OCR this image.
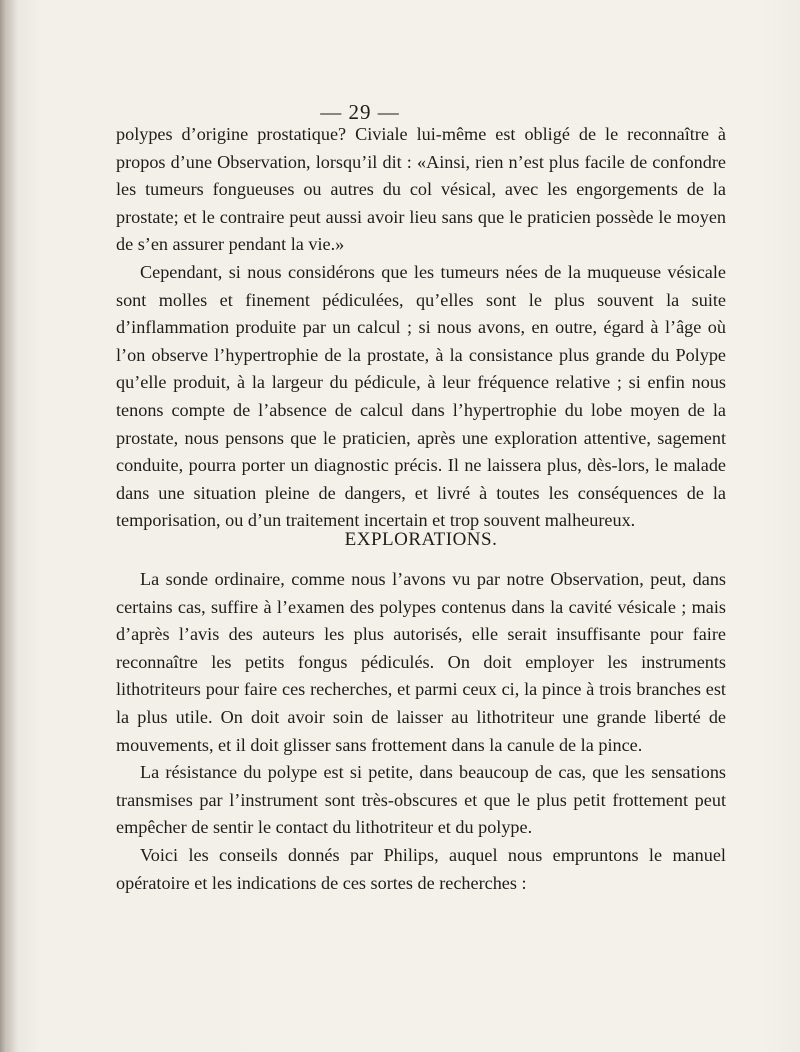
— 29 —

polypes d’origine prostatique? Civiale lui-même est obligé de le reconnaître à propos d’une Observation, lorsqu’il dit : «Ainsi, rien n’est plus facile de confondre les tumeurs fongueuses ou autres du col vésical, avec les engorgements de la prostate; et le contraire peut aussi avoir lieu sans que le praticien possède le moyen de s’en assurer pendant la vie.»

Cependant, si nous considérons que les tumeurs nées de la muqueuse vésicale sont molles et finement pédiculées, qu’elles sont le plus souvent la suite d’inflammation produite par un calcul ; si nous avons, en outre, égard à l’âge où l’on observe l’hypertrophie de la prostate, à la consistance plus grande du Polype qu’elle produit, à la largeur du pédicule, à leur fréquence relative ; si enfin nous tenons compte de l’absence de calcul dans l’hypertrophie du lobe moyen de la prostate, nous pensons que le praticien, après une exploration attentive, sagement conduite, pourra porter un diagnostic précis. Il ne laissera plus, dès-lors, le malade dans une situation pleine de dangers, et livré à toutes les conséquences de la temporisation, ou d’un traitement incertain et trop souvent malheureux.

EXPLORATIONS.

La sonde ordinaire, comme nous l’avons vu par notre Observation, peut, dans certains cas, suffire à l’examen des polypes contenus dans la cavité vésicale ; mais d’après l’avis des auteurs les plus autorisés, elle serait insuffisante pour faire reconnaître les petits fongus pédiculés. On doit employer les instruments lithotriteurs pour faire ces recherches, et parmi ceux ci, la pince à trois branches est la plus utile. On doit avoir soin de laisser au lithotriteur une grande liberté de mouvements, et il doit glisser sans frottement dans la canule de la pince.

La résistance du polype est si petite, dans beaucoup de cas, que les sensations transmises par l’instrument sont très-obscures et que le plus petit frottement peut empêcher de sentir le contact du lithotriteur et du polype.

Voici les conseils donnés par Philips, auquel nous empruntons le manuel opératoire et les indications de ces sortes de recherches :
